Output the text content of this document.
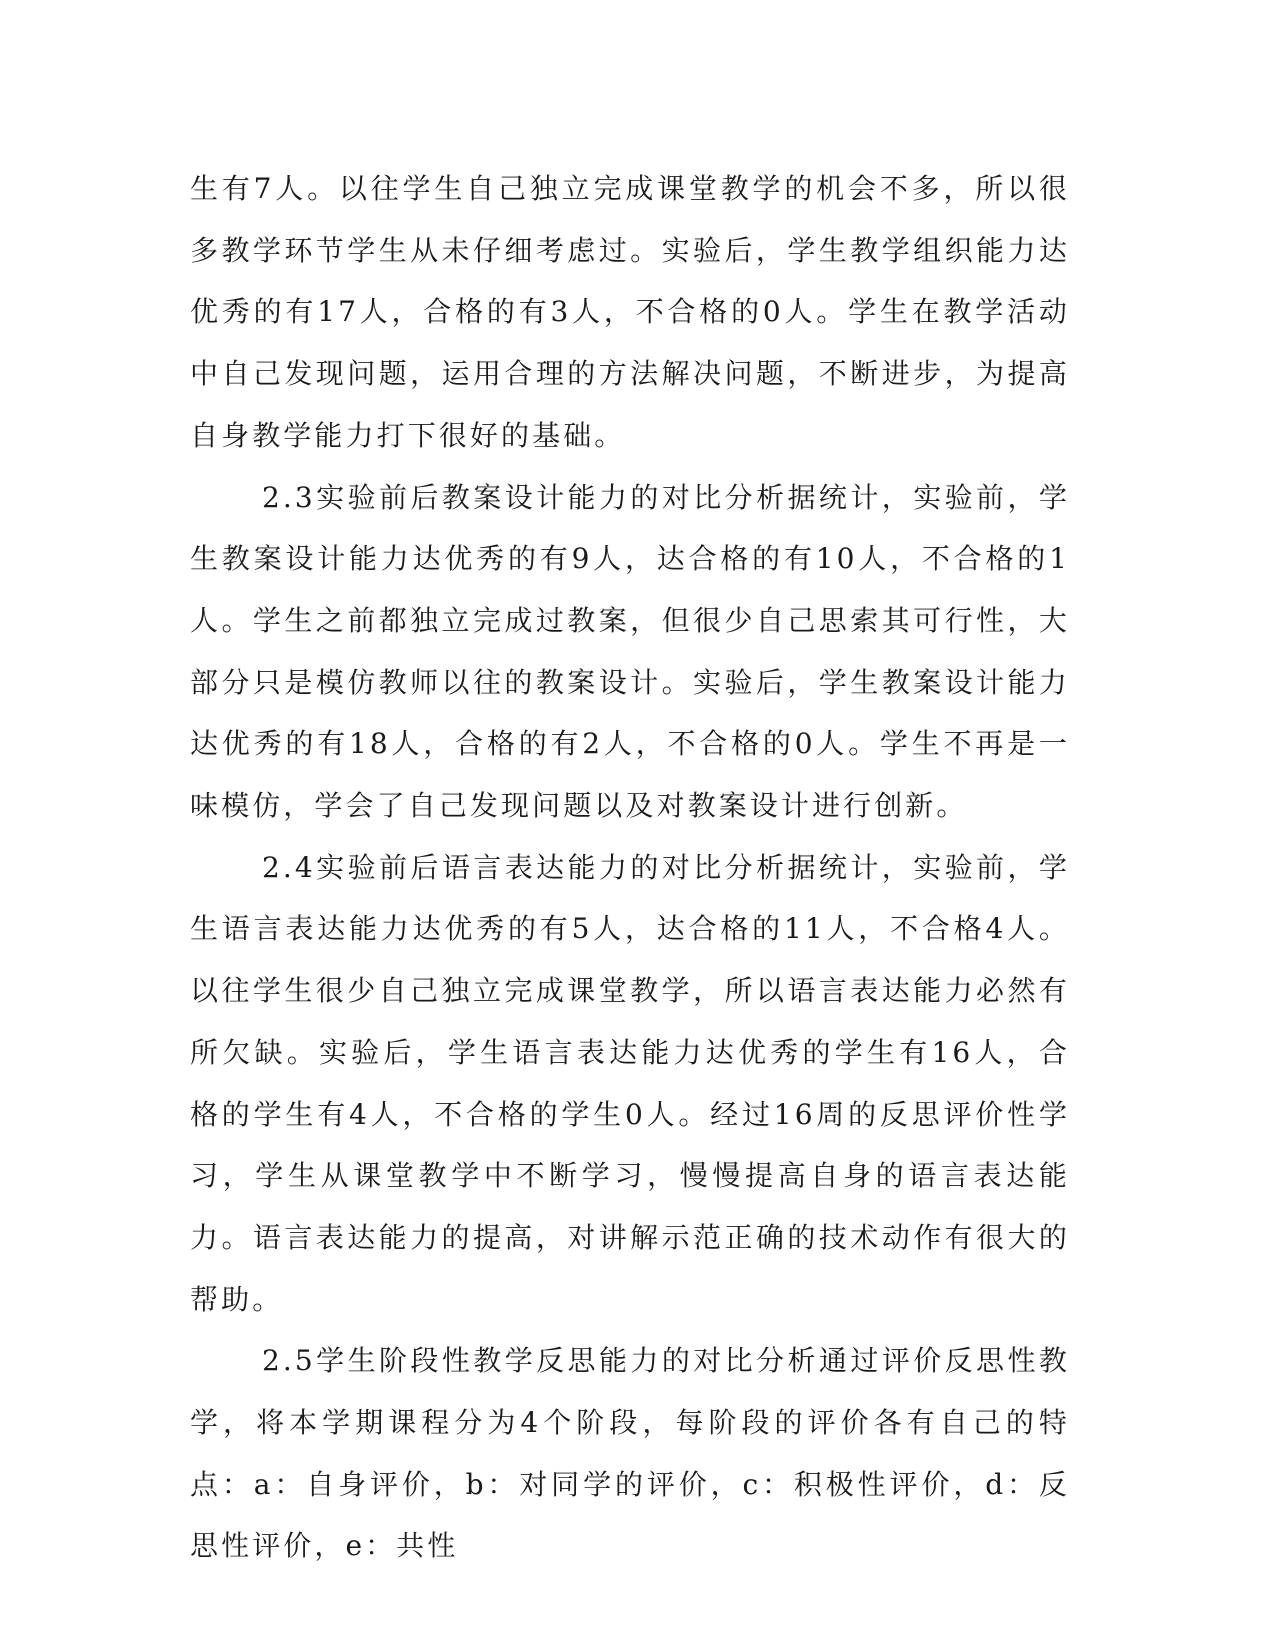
生有7人。以往学生自己独立完成课堂教学的机会不多，所以很多教学环节学生从未仔细考虑过。实验后，学生教学组织能力达优秀的有17人，合格的有3人，不合格的0人。学生在教学活动中自己发现问题，运用合理的方法解决问题，不断进步，为提高自身教学能力打下很好的基础。

2.3实验前后教案设计能力的对比分析据统计，实验前，学生教案设计能力达优秀的有9人，达合格的有10人，不合格的1人。学生之前都独立完成过教案，但很少自己思索其可行性，大部分只是模仿教师以往的教案设计。实验后，学生教案设计能力达优秀的有18人，合格的有2人，不合格的0人。学生不再是一味模仿，学会了自己发现问题以及对教案设计进行创新。

2.4实验前后语言表达能力的对比分析据统计，实验前，学生语言表达能力达优秀的有5人，达合格的11人，不合格4人。以往学生很少自己独立完成课堂教学，所以语言表达能力必然有所欠缺。实验后，学生语言表达能力达优秀的学生有16人，合格的学生有4人，不合格的学生0人。经过16周的反思评价性学习，学生从课堂教学中不断学习，慢慢提高自身的语言表达能力。语言表达能力的提高，对讲解示范正确的技术动作有很大的帮助。

2.5学生阶段性教学反思能力的对比分析通过评价反思性教学，将本学期课程分为4个阶段，每阶段的评价各有自己的特点：a：自身评价，b：对同学的评价，c：积极性评价，d：反思性评价，e：共性
